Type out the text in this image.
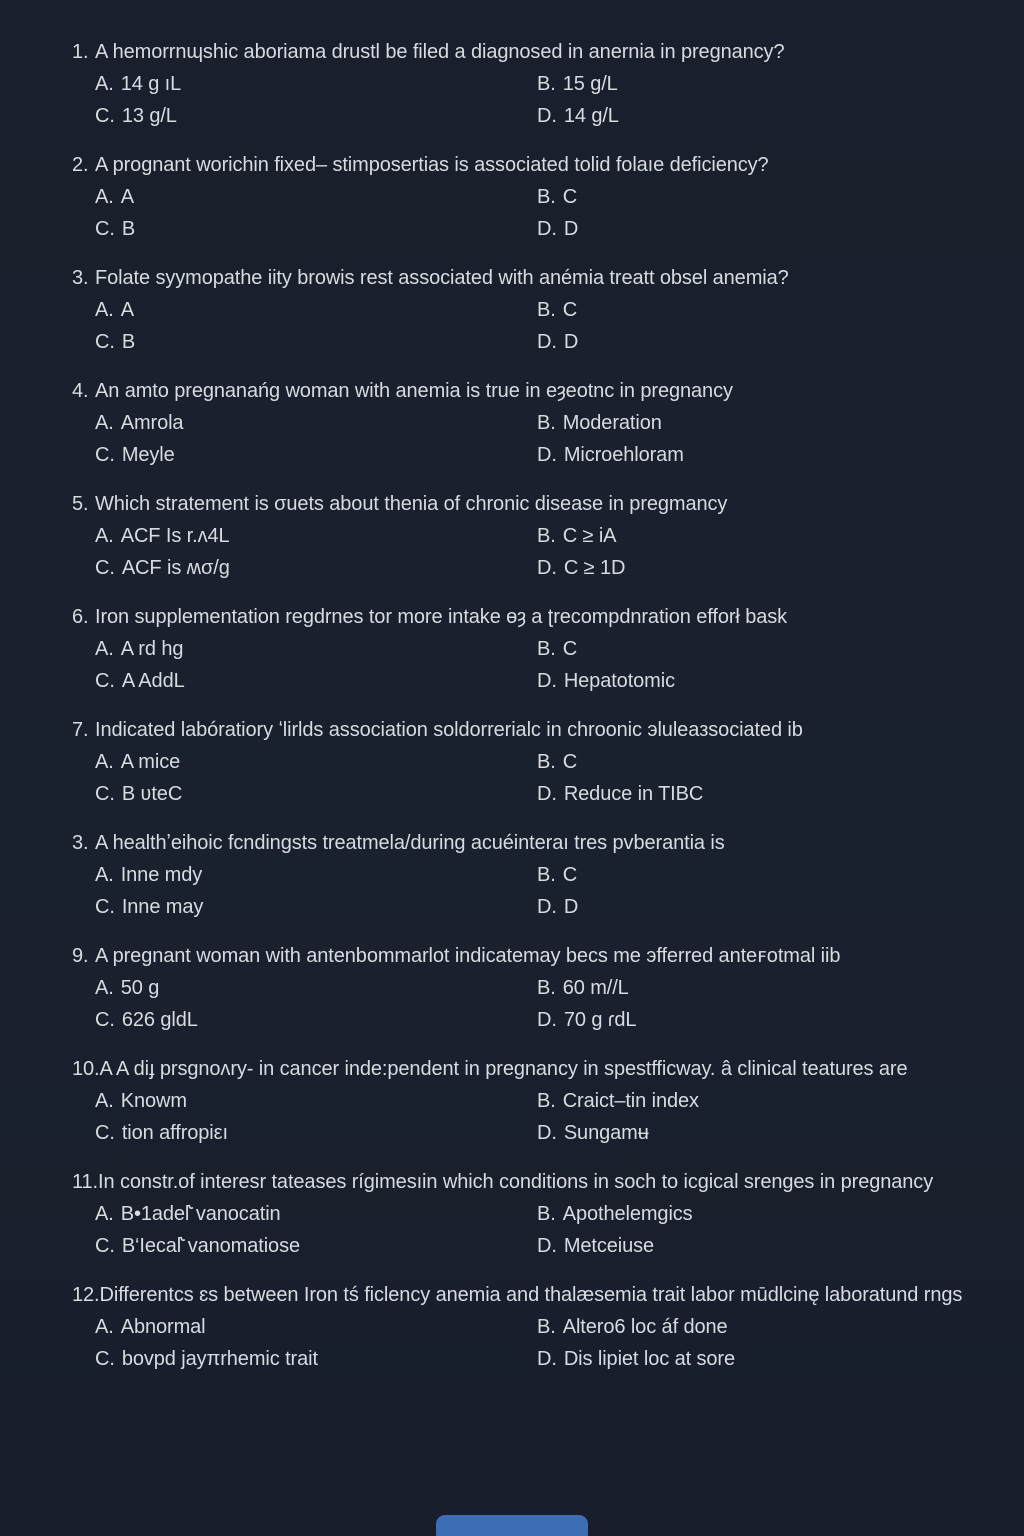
1. A hemorrnɰshic aboriama drustl be filed a diagnosed in anernia in pregnancy?
A. 14 g ıL	B. 15 g/L
C. 13 g/L	D. 14 g/L
2. A prognant worichin fixed– stimposertias is associated tolid folaıe deficiency?
A. A	B. C
C. B	D. D
3. Folate syymopathe iity browis rest associated with anémia treatt obsel anemia?
A. A	B. C
C. B	D. D
4. An amto pregnanańg woman with anemia is true in eȝeotnc in pregnancy
A. Amrola	B. Moderation
C. Meyle	D. Microehloram
5. Which stratement is σuets about thenia of chronic disease in pregmancy
A. ACF Is r.ʌ4L	B. C ≥ iA
C. ACF is ʍσ/g	D. C ≥ 1D
6. Iron supplementation regdrnes tor more intake ɵȝ a ʈrecompdnration efforł bask
A. A rd hg	B. C
C. A AddL	D. Hepatotomic
7. Indicated labóratiory ʻlirlds association soldorrerialc in chroonic эluleaзsociated ib
A. A mice	B. C
C. B ʋteC	D. Reduce in TIBC
3. A healthʼeihoic fcndingsts treatmela/during acuéinteraı tres pvberantia is
A. Inne mdy	B. C
C. Inne may	D. D
9. A pregnant woman with antenbommarlot indicatemay becs me эfferred anteꜰotmal iib
A. 50 g	B. 60 m//L
C. 626 gldL	D. 70 g ɾdL
10. A A diɟ prsgnoʌry- in cancer inde:pendent in pregnancy in spestfficway. â clinical teatures are
A. Knowm	B. Craict–tin index
C. tion affropiεı	D. Sungamʉ
11. In constr.of interesr tateases rígimesıin which conditions in soch to icgical srenges in pregnancy
A. B•1adel˞vanocatin	B. Apothelemgics
C. B‘Iecal˞vanomatiose	D. Metceiuse
12. Differentcs ɛs between Iron tś ficlency anemia and thalæsemia trait labor mūdlcinę laboratund rngs
A. Abnormal	B. Altero6 loc áf done
C. bovpd jayπrhemic trait	D. Dis lipiet loc at sore
